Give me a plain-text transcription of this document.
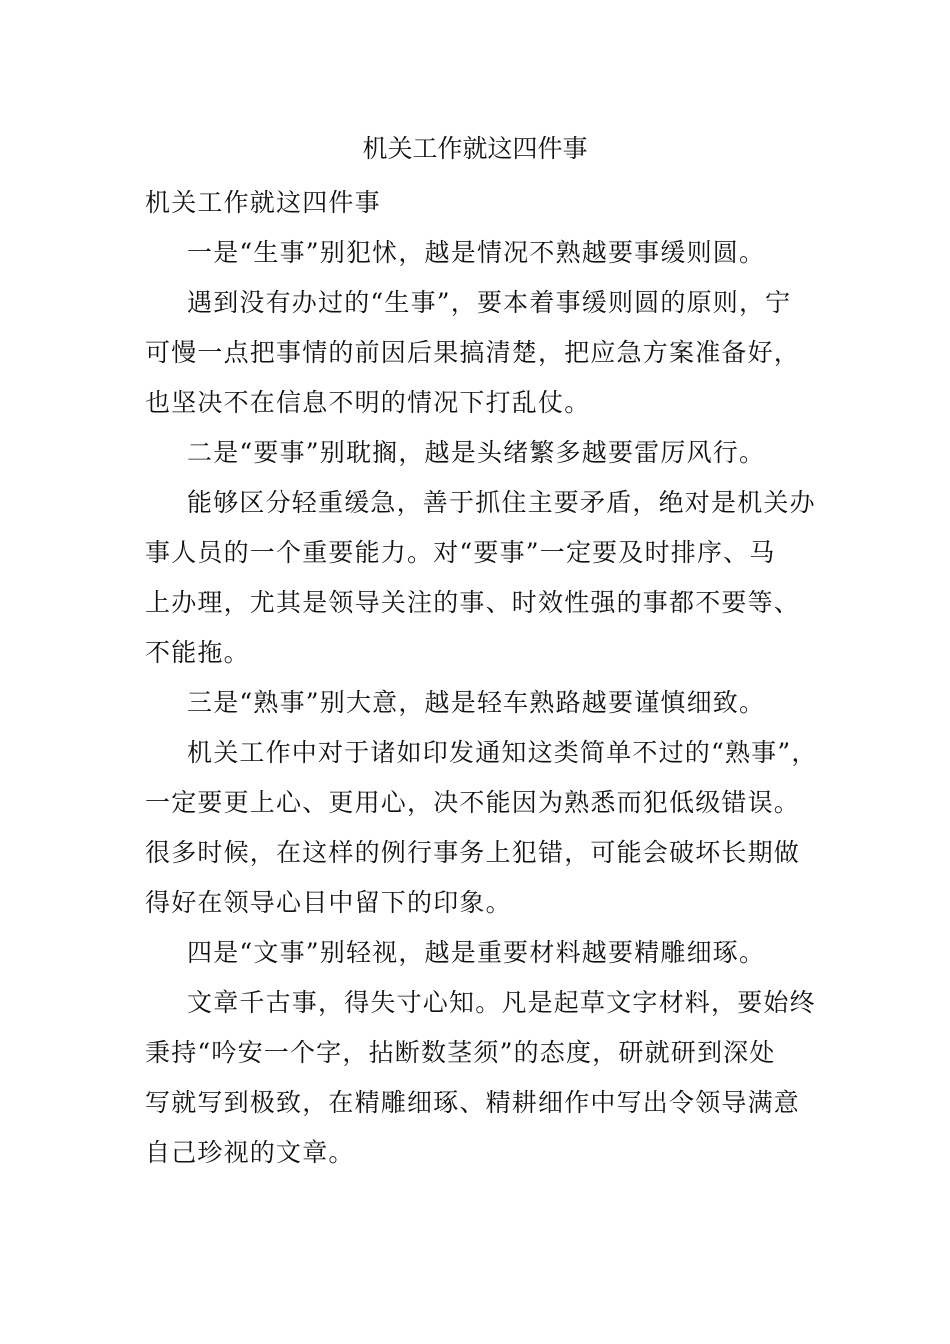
机关工作就这四件事
机关工作就这四件事
一是“生事”别犯怵，越是情况不熟越要事缓则圆。
遇到没有办过的“生事”，要本着事缓则圆的原则，宁
可慢一点把事情的前因后果搞清楚，把应急方案准备好，
也坚决不在信息不明的情况下打乱仗。
二是“要事”别耽搁，越是头绪繁多越要雷厉风行。
能够区分轻重缓急，善于抓住主要矛盾，绝对是机关办
事人员的一个重要能力。对“要事”一定要及时排序、马
上办理，尤其是领导关注的事、时效性强的事都不要等、
不能拖。
三是“熟事”别大意，越是轻车熟路越要谨慎细致。
机关工作中对于诸如印发通知这类简单不过的“熟事”，
一定要更上心、更用心，决不能因为熟悉而犯低级错误。
很多时候，在这样的例行事务上犯错，可能会破坏长期做
得好在领导心目中留下的印象。
四是“文事”别轻视，越是重要材料越要精雕细琢。
文章千古事，得失寸心知。凡是起草文字材料，要始终
秉持“吟安一个字，拈断数茎须”的态度，研就研到深处
写就写到极致，在精雕细琢、精耕细作中写出令领导满意
自己珍视的文章。
